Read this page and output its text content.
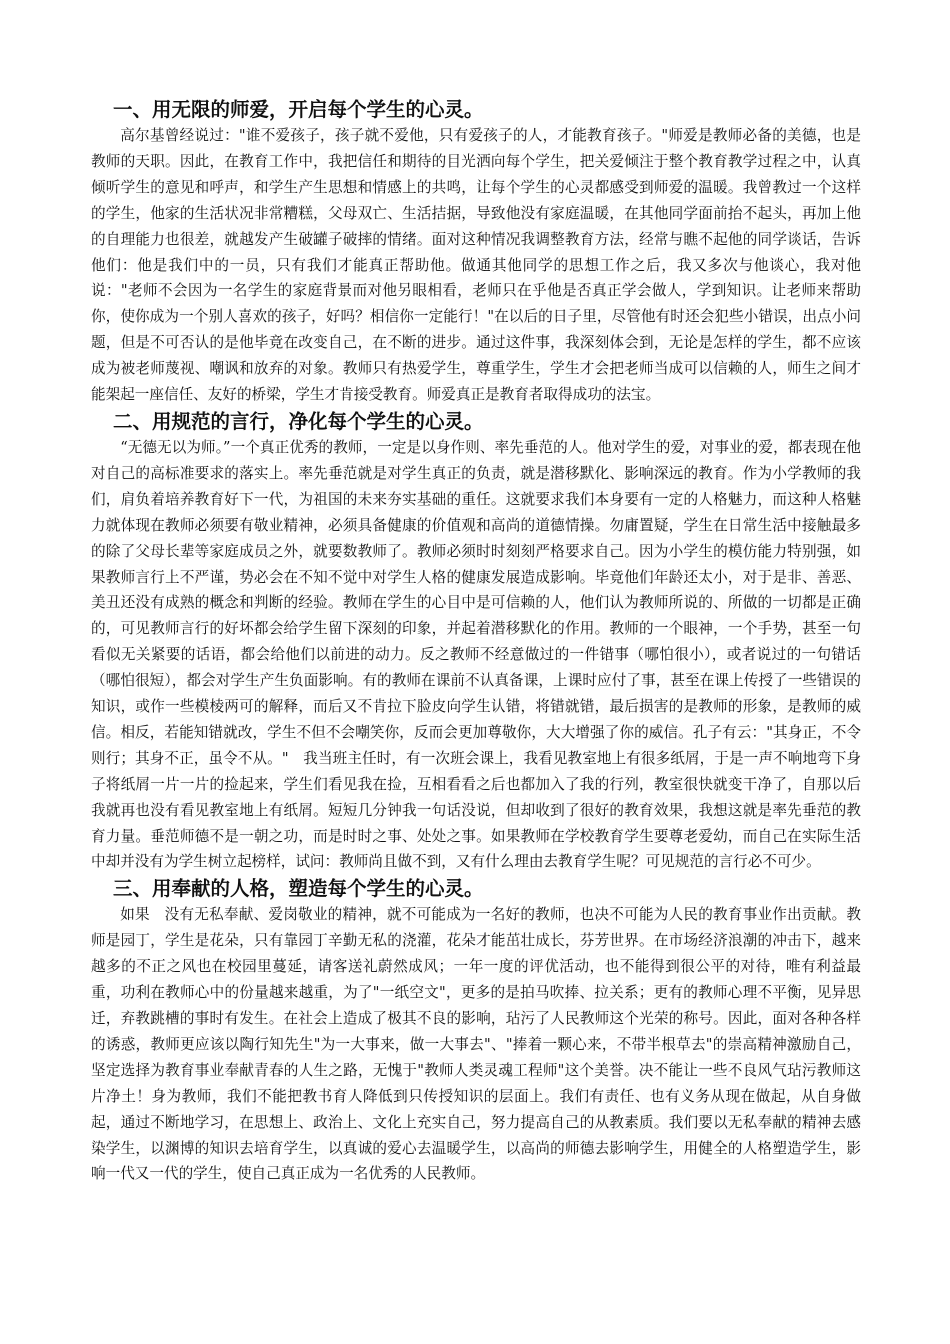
一、用无限的师爱，开启每个学生的心灵。

高尔基曾经说过："谁不爱孩子，孩子就不爱他，只有爱孩子的人，才能教育孩子。"师爱是教师必备的美德，也是教师的天职。因此，在教育工作中，我把信任和期待的目光洒向每个学生，把关爱倾注于整个教育教学过程之中，认真倾听学生的意见和呼声，和学生产生思想和情感上的共鸣，让每个学生的心灵都感受到师爱的温暖。我曾教过一个这样的学生，他家的生活状况非常糟糕，父母双亡、生活拮据，导致他没有家庭温暖，在其他同学面前抬不起头，再加上他的自理能力也很差，就越发产生破罐子破摔的情绪。面对这种情况我调整教育方法，经常与瞧不起他的同学谈话，告诉他们：他是我们中的一员，只有我们才能真正帮助他。做通其他同学的思想工作之后，我又多次与他谈心，我对他说："老师不会因为一名学生的家庭背景而对他另眼相看，老师只在乎他是否真正学会做人，学到知识。让老师来帮助你，使你成为一个别人喜欢的孩子，好吗？相信你一定能行！"在以后的日子里，尽管他有时还会犯些小错误，出点小问题，但是不可否认的是他毕竟在改变自己，在不断的进步。通过这件事，我深刻体会到，无论是怎样的学生，都不应该成为被老师蔑视、嘲讽和放弃的对象。教师只有热爱学生，尊重学生，学生才会把老师当成可以信赖的人，师生之间才能架起一座信任、友好的桥梁，学生才肯接受教育。师爱真正是教育者取得成功的法宝。

二、用规范的言行，净化每个学生的心灵。

“无德无以为师。”一个真正优秀的教师，一定是以身作则、率先垂范的人。他对学生的爱，对事业的爱，都表现在他对自己的高标准要求的落实上。率先垂范就是对学生真正的负责，就是潜移默化、影响深远的教育。作为小学教师的我们，肩负着培养教育好下一代，为祖国的未来夯实基础的重任。这就要求我们本身要有一定的人格魅力，而这种人格魅力就体现在教师必须要有敬业精神，必须具备健康的价值观和高尚的道德情操。勿庸置疑，学生在日常生活中接触最多的除了父母长辈等家庭成员之外，就要数教师了。教师必须时时刻刻严格要求自己。因为小学生的模仿能力特别强，如果教师言行上不严谨，势必会在不知不觉中对学生人格的健康发展造成影响。毕竟他们年龄还太小，对于是非、善恶、美丑还没有成熟的概念和判断的经验。教师在学生的心目中是可信赖的人，他们认为教师所说的、所做的一切都是正确的，可见教师言行的好坏都会给学生留下深刻的印象，并起着潜移默化的作用。教师的一个眼神，一个手势，甚至一句看似无关紧要的话语，都会给他们以前进的动力。反之教师不经意做过的一件错事（哪怕很小），或者说过的一句错话（哪怕很短），都会对学生产生负面影响。有的教师在课前不认真备课，上课时应付了事，甚至在课上传授了一些错误的知识，或作一些模棱两可的解释，而后又不肯拉下脸皮向学生认错，将错就错，最后损害的是教师的形象，是教师的威信。相反，若能知错就改，学生不但不会嘲笑你，反而会更加尊敬你，大大增强了你的威信。孔子有云："其身正，不令则行；其身不正，虽令不从。"　我当班主任时，有一次班会课上，我看见教室地上有很多纸屑，于是一声不响地弯下身子将纸屑一片一片的捡起来，学生们看见我在捡，互相看看之后也都加入了我的行列，教室很快就变干净了，自那以后我就再也没有看见教室地上有纸屑。短短几分钟我一句话没说，但却收到了很好的教育效果，我想这就是率先垂范的教育力量。垂范师德不是一朝之功，而是时时之事、处处之事。如果教师在学校教育学生要尊老爱幼，而自己在实际生活中却并没有为学生树立起榜样，试问：教师尚且做不到，又有什么理由去教育学生呢？可见规范的言行必不可少。

三、用奉献的人格，塑造每个学生的心灵。

如果　没有无私奉献、爱岗敬业的精神，就不可能成为一名好的教师，也决不可能为人民的教育事业作出贡献。教师是园丁，学生是花朵，只有靠园丁辛勤无私的浇灌，花朵才能茁壮成长，芬芳世界。在市场经济浪潮的冲击下，越来越多的不正之风也在校园里蔓延，请客送礼蔚然成风；一年一度的评优活动，也不能得到很公平的对待，唯有利益最重，功利在教师心中的份量越来越重，为了"一纸空文"，更多的是拍马吹捧、拉关系；更有的教师心理不平衡，见异思迁，弃教跳槽的事时有发生。在社会上造成了极其不良的影响，玷污了人民教师这个光荣的称号。因此，面对各种各样的诱惑，教师更应该以陶行知先生"为一大事来，做一大事去"、"捧着一颗心来，不带半根草去"的崇高精神激励自己，坚定选择为教育事业奉献青春的人生之路，无愧于"教师人类灵魂工程师"这个美誉。决不能让一些不良风气玷污教师这片净土！身为教师，我们不能把教书育人降低到只传授知识的层面上。我们有责任、也有义务从现在做起，从自身做起，通过不断地学习，在思想上、政治上、文化上充实自己，努力提高自己的从教素质。我们要以无私奉献的精神去感染学生，以渊博的知识去培育学生，以真诚的爱心去温暖学生，以高尚的师德去影响学生，用健全的人格塑造学生，影响一代又一代的学生，使自己真正成为一名优秀的人民教师。
